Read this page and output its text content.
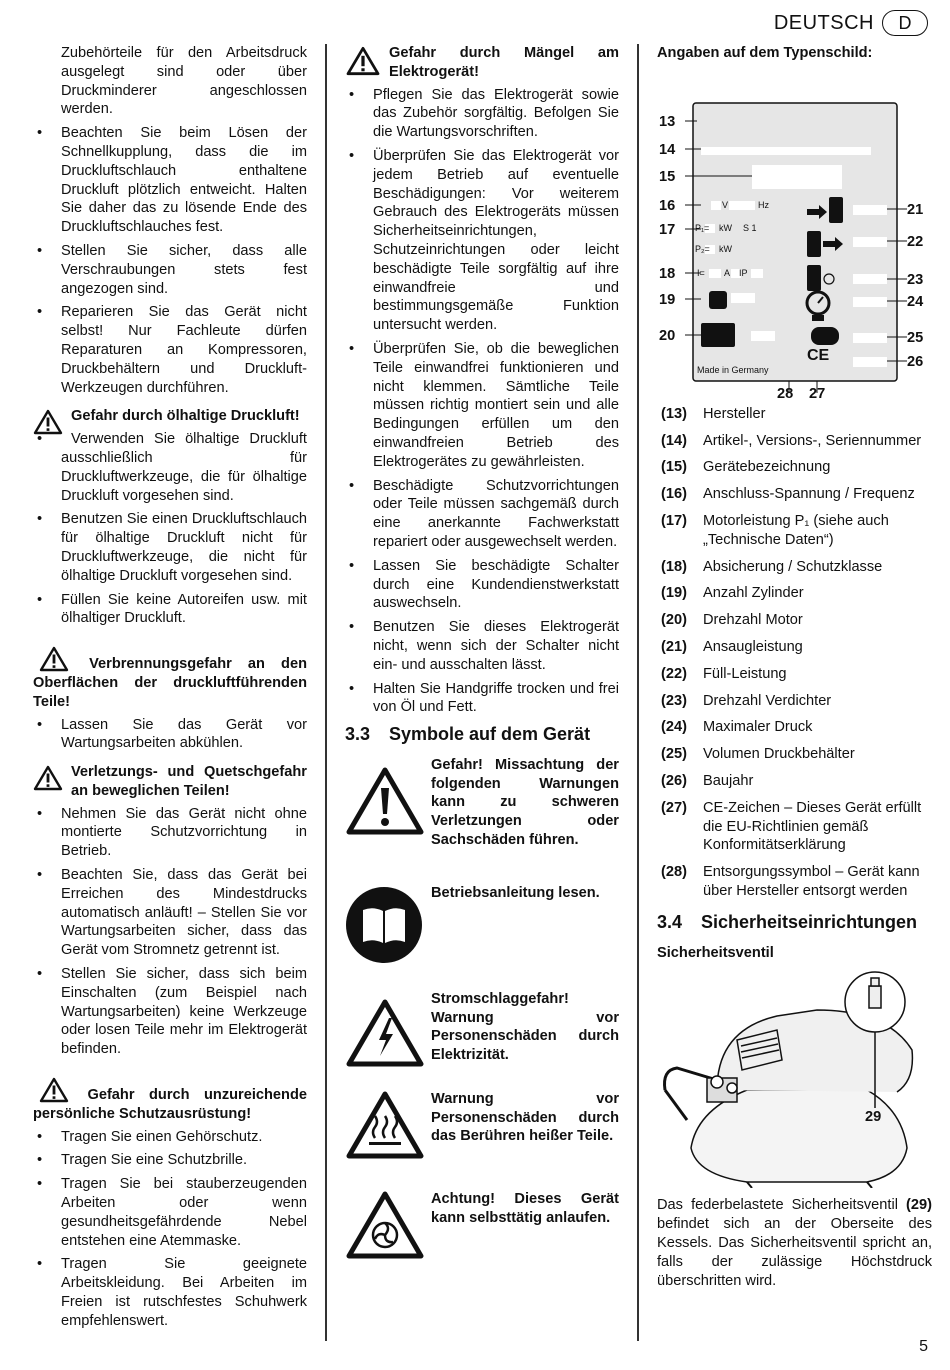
DEUTSCH	D
Zubehörteile für den Arbeitsdruck ausgelegt sind oder über Druckminderer angeschlossen werden.
• Beachten Sie beim Lösen der Schnellkupplung, dass die im Druckluftschlauch enthaltene Druckluft plötzlich entweicht. Halten Sie daher das zu lösende Ende des Druckluftschlauches fest.
• Stellen Sie sicher, dass alle Verschraubungen stets fest angezogen sind.
• Reparieren Sie das Gerät nicht selbst! Nur Fachleute dürfen Reparaturen an Kompressoren, Druckbehältern und Druckluft-Werkzeugen durchführen.
Gefahr durch ölhaltige Druckluft!
• Verwenden Sie ölhaltige Druckluft ausschließlich für Druckluftwerkzeuge, die für ölhaltige Druckluft vorgesehen sind.
• Benutzen Sie einen Druckluftschlauch für ölhaltige Druckluft nicht für Druckluftwerkzeuge, die nicht für ölhaltige Druckluft vorgesehen sind.
• Füllen Sie keine Autoreifen usw. mit ölhaltiger Druckluft.
Verbrennungsgefahr an den Oberflächen der druckluftführenden Teile!
• Lassen Sie das Gerät vor Wartungsarbeiten abkühlen.
Verletzungs- und Quetschgefahr an beweglichen Teilen!
• Nehmen Sie das Gerät nicht ohne montierte Schutzvorrichtung in Betrieb.
• Beachten Sie, dass das Gerät bei Erreichen des Mindestdrucks automatisch anläuft! – Stellen Sie vor Wartungsarbeiten sicher, dass das Gerät vom Stromnetz getrennt ist.
• Stellen Sie sicher, dass sich beim Einschalten (zum Beispiel nach Wartungsarbeiten) keine Werkzeuge oder losen Teile mehr im Elektrogerät befinden.
Gefahr durch unzureichende persönliche Schutzausrüstung!
• Tragen Sie einen Gehörschutz.
• Tragen Sie eine Schutzbrille.
• Tragen Sie bei stauberzeugenden Arbeiten oder wenn gesundheitsgefährdende Nebel entstehen eine Atemmaske.
• Tragen Sie geeignete Arbeitskleidung. Bei Arbeiten im Freien ist rutschfestes Schuhwerk empfehlenswert.
Gefahr durch Mängel am Elektrogerät!
• Pflegen Sie das Elektrogerät sowie das Zubehör sorgfältig. Befolgen Sie die Wartungsvorschriften.
• Überprüfen Sie das Elektrogerät vor jedem Betrieb auf eventuelle Beschädigungen: Vor weiterem Gebrauch des Elektrogeräts müssen Sicherheitseinrichtungen, Schutzeinrichtungen oder leicht beschädigte Teile sorgfältig auf ihre einwandfreie und bestimmungsgemäße Funktion untersucht werden.
• Überprüfen Sie, ob die beweglichen Teile einwandfrei funktionieren und nicht klemmen. Sämtliche Teile müssen richtig montiert sein und alle Bedingungen erfüllen um den einwandfreien Betrieb des Elektrogerätes zu gewährleisten.
• Beschädigte Schutzvorrichtungen oder Teile müssen sachgemäß durch eine anerkannte Fachwerkstatt repariert oder ausgewechselt werden.
• Lassen Sie beschädigte Schalter durch eine Kundendienstwerkstatt auswechseln.
• Benutzen Sie dieses Elektrogerät nicht, wenn sich der Schalter nicht ein- und ausschalten lässt.
• Halten Sie Handgriffe trocken und frei von Öl und Fett.
3.3 Symbole auf dem Gerät
Gefahr! Missachtung der folgenden Warnungen kann zu schweren Verletzungen oder Sachschäden führen.
Betriebsanleitung lesen.
Stromschlaggefahr! Warnung vor Personenschäden durch Elektrizität.
Warnung vor Personenschäden durch das Berühren heißer Teile.
Achtung! Dieses Gerät kann selbsttätig anlaufen.
Angaben auf dem Typenschild:
13
14
15
16
17
18
19
20
21
22
23
24
25
26
28 27
V	Hz
P₁= kW S 1
P₂= kW
I= A IP
Made in Germany
CE
(13)	Hersteller
(14)	Artikel-, Versions-, Seriennummer
(15)	Gerätebezeichnung
(16)	Anschluss-Spannung / Frequenz
(17)	Motorleistung P₁ (siehe auch „Technische Daten“)
(18)	Absicherung / Schutzklasse
(19)	Anzahl Zylinder
(20)	Drehzahl Motor
(21)	Ansaugleistung
(22)	Füll-Leistung
(23)	Drehzahl Verdichter
(24)	Maximaler Druck
(25)	Volumen Druckbehälter
(26)	Baujahr
(27)	CE-Zeichen – Dieses Gerät erfüllt die EU-Richtlinien gemäß Konformitätserklärung
(28)	Entsorgungssymbol – Gerät kann über Hersteller entsorgt werden
3.4 Sicherheitseinrichtungen
Sicherheitsventil
29

Das federbelastete Sicherheitsventil (29) befindet sich an der Oberseite des Kessels. Das Sicherheitsventil spricht an, falls der zulässige Höchstdruck überschritten wird.

5
